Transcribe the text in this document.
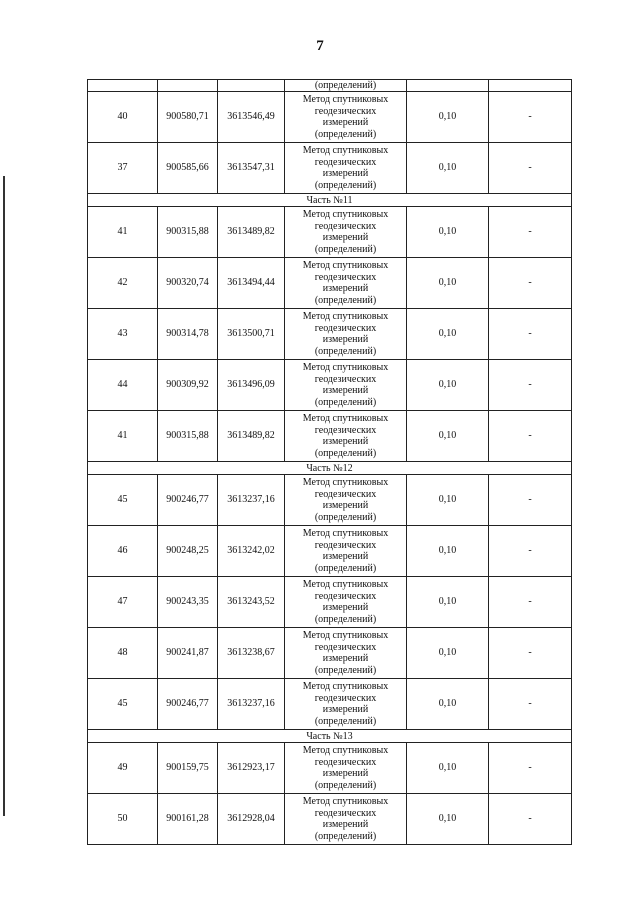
7
			(определений)		
40	900580,71	3613546,49	Метод спутниковых
геодезических
измерений
(определений)	0,10	-
37	900585,66	3613547,31	Метод спутниковых
геодезических
измерений
(определений)	0,10	-
Часть №11					
41	900315,88	3613489,82	Метод спутниковых
геодезических
измерений
(определений)	0,10	-
42	900320,74	3613494,44	Метод спутниковых
геодезических
измерений
(определений)	0,10	-
43	900314,78	3613500,71	Метод спутниковых
геодезических
измерений
(определений)	0,10	-
44	900309,92	3613496,09	Метод спутниковых
геодезических
измерений
(определений)	0,10	-
41	900315,88	3613489,82	Метод спутниковых
геодезических
измерений
(определений)	0,10	-
Часть №12					
45	900246,77	3613237,16	Метод спутниковых
геодезических
измерений
(определений)	0,10	-
46	900248,25	3613242,02	Метод спутниковых
геодезических
измерений
(определений)	0,10	-
47	900243,35	3613243,52	Метод спутниковых
геодезических
измерений
(определений)	0,10	-
48	900241,87	3613238,67	Метод спутниковых
геодезических
измерений
(определений)	0,10	-
45	900246,77	3613237,16	Метод спутниковых
геодезических
измерений
(определений)	0,10	-
Часть №13					
49	900159,75	3612923,17	Метод спутниковых
геодезических
измерений
(определений)	0,10	-
50	900161,28	3612928,04	Метод спутниковых
геодезических
измерений
(определений)	0,10	-
